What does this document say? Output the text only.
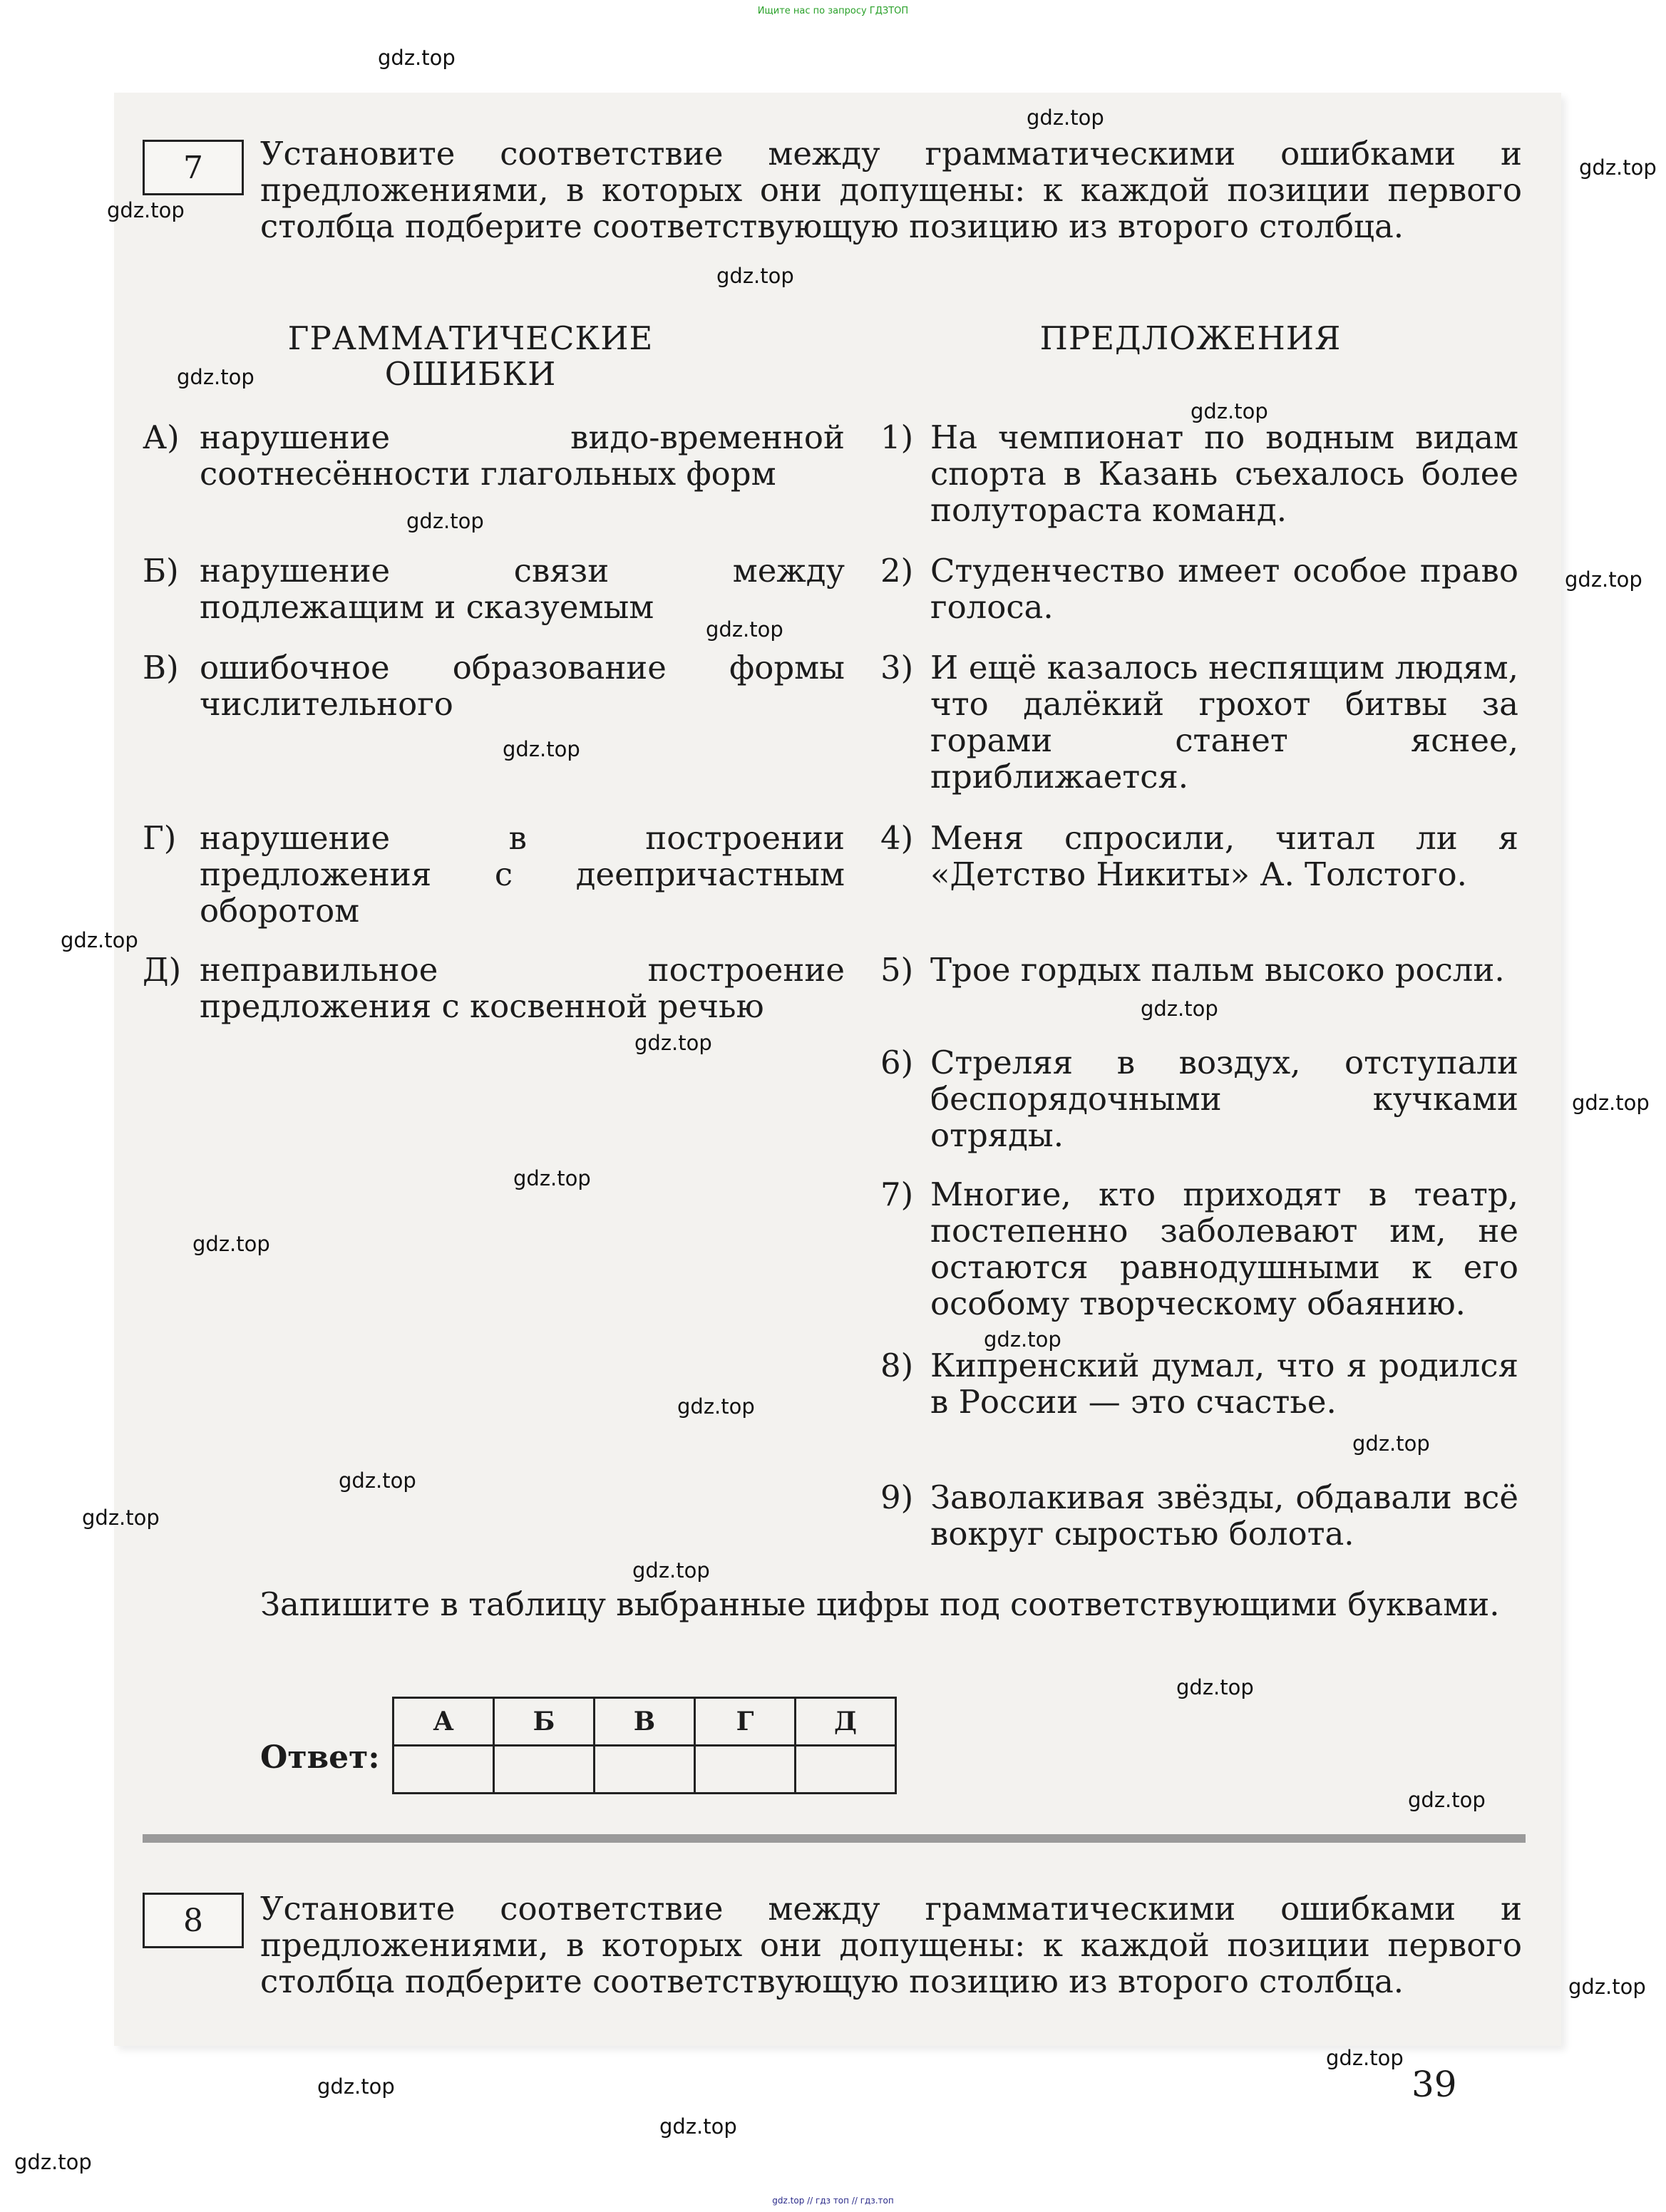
Ищите нас по запросу ГДЗТОП
7 Установите соответствие между грамматическими ошибками и предложениями, в которых они допущены: к каждой позиции первого столбца подберите соответствующую позицию из второго столбца.
ГРАММАТИЧЕСКИЕ ОШИБКИ
ПРЕДЛОЖЕНИЯ
А) нарушение видо-временной соотнесённости глагольных форм
Б) нарушение связи между подлежащим и сказуемым
В) ошибочное образование формы числительного
Г) нарушение в построении предложения с деепричастным оборотом
Д) неправильное построение предложения с косвенной речью
1) На чемпионат по водным видам спорта в Казань съехалось более полутораста команд.
2) Студенчество имеет особое право голоса.
3) И ещё казалось неспящим людям, что далёкий грохот битвы за горами станет яснее, приближается.
4) Меня спросили, читал ли я «Детство Никиты» А. Толстого.
5) Трое гордых пальм высоко росли.
6) Стреляя в воздух, отступали беспорядочными кучками отряды.
7) Многие, кто приходят в театр, постепенно заболевают им, не остаются равнодушными к его особому творческому обаянию.
8) Кипренский думал, что я родился в России — это счастье.
9) Заволакивая звёзды, обдавали всё вокруг сыростью болота.
Запишите в таблицу выбранные цифры под соответствующими буквами.
Ответ:
А	Б	В	Г	Д

8 Установите соответствие между грамматическими ошибками и предложениями, в которых они допущены: к каждой позиции первого столбца подберите соответствующую позицию из второго столбца.
39
gdz.top
gdz.top
gdz.top
gdz.top
gdz.top
gdz.top
gdz.top
gdz.top
gdz.top
gdz.top
gdz.top
gdz.top
gdz.top
gdz.top
gdz.top
gdz.top
gdz.top
gdz.top
gdz.top
gdz.top
gdz.top
gdz.top
gdz.top
gdz.top
gdz.top
gdz.top
gdz.top
gdz.top
gdz.top
gdz.top
gdz.top // гдз топ // гдз.топ
